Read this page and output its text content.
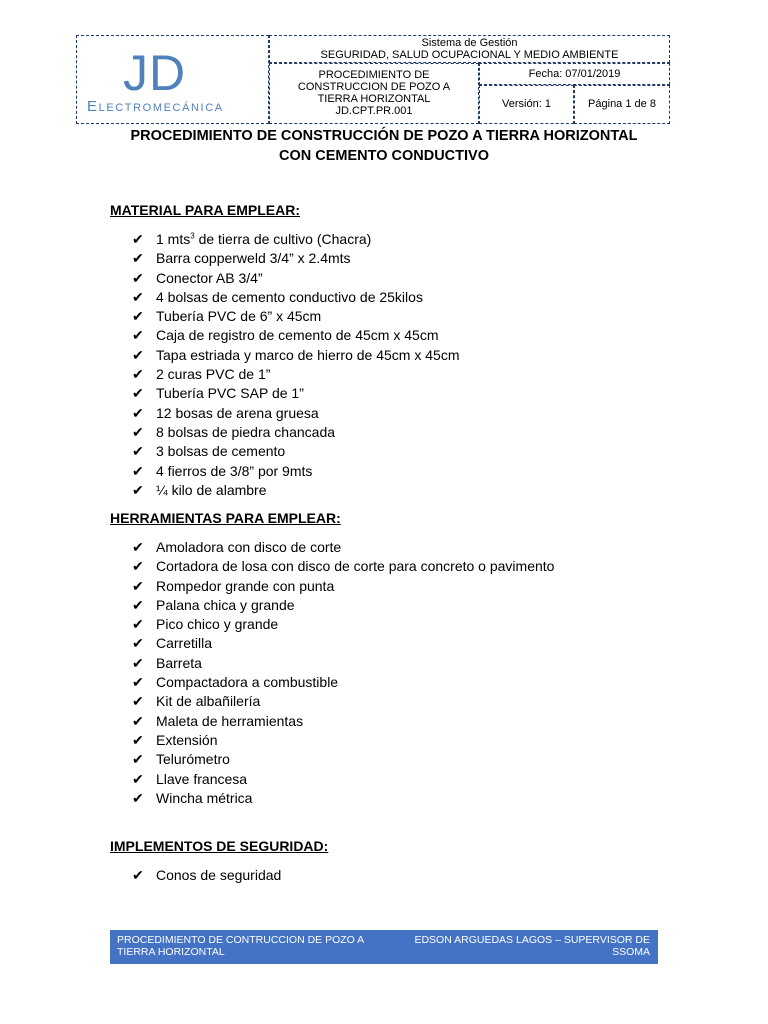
JD
Electromecánica
Sistema de Gestión
SEGURIDAD, SALUD OCUPACIONAL Y MEDIO AMBIENTE
PROCEDIMIENTO DE
CONSTRUCCION DE POZO A
TIERRA HORIZONTAL
JD.CPT.PR.001
Fecha: 07/01/2019
Versión: 1	Página 1 de 8
PROCEDIMIENTO DE CONSTRUCCIÓN DE POZO A TIERRA HORIZONTAL
CON CEMENTO CONDUCTIVO
MATERIAL PARA EMPLEAR:
✔ 1 mts$^3$ de tierra de cultivo (Chacra)
✔ Barra copperweld 3/4” x 2.4mts
✔ Conector AB 3/4”
✔ 4 bolsas de cemento conductivo de 25kilos
✔ Tubería PVC de 6” x 45cm
✔ Caja de registro de cemento de 45cm x 45cm
✔ Tapa estriada y marco de hierro de 45cm x 45cm
✔ 2 curas PVC de 1”
✔ Tubería PVC SAP de 1”
✔ 12 bosas de arena gruesa
✔ 8 bolsas de piedra chancada
✔ 3 bolsas de cemento
✔ 4 fierros de 3/8” por 9mts
✔ ¼ kilo de alambre
HERRAMIENTAS PARA EMPLEAR:
✔ Amoladora con disco de corte
✔ Cortadora de losa con disco de corte para concreto o pavimento
✔ Rompedor grande con punta
✔ Palana chica y grande
✔ Pico chico y grande
✔ Carretilla
✔ Barreta
✔ Compactadora a combustible
✔ Kit de albañilería
✔ Maleta de herramientas
✔ Extensión
✔ Telurómetro
✔ Llave francesa
✔ Wincha métrica
IMPLEMENTOS DE SEGURIDAD:
✔ Conos de seguridad
PROCEDIMIENTO DE CONTRUCCION DE POZO A
TIERRA HORIZONTAL
EDSON ARGUEDAS LAGOS – SUPERVISOR DE
SSOMA
